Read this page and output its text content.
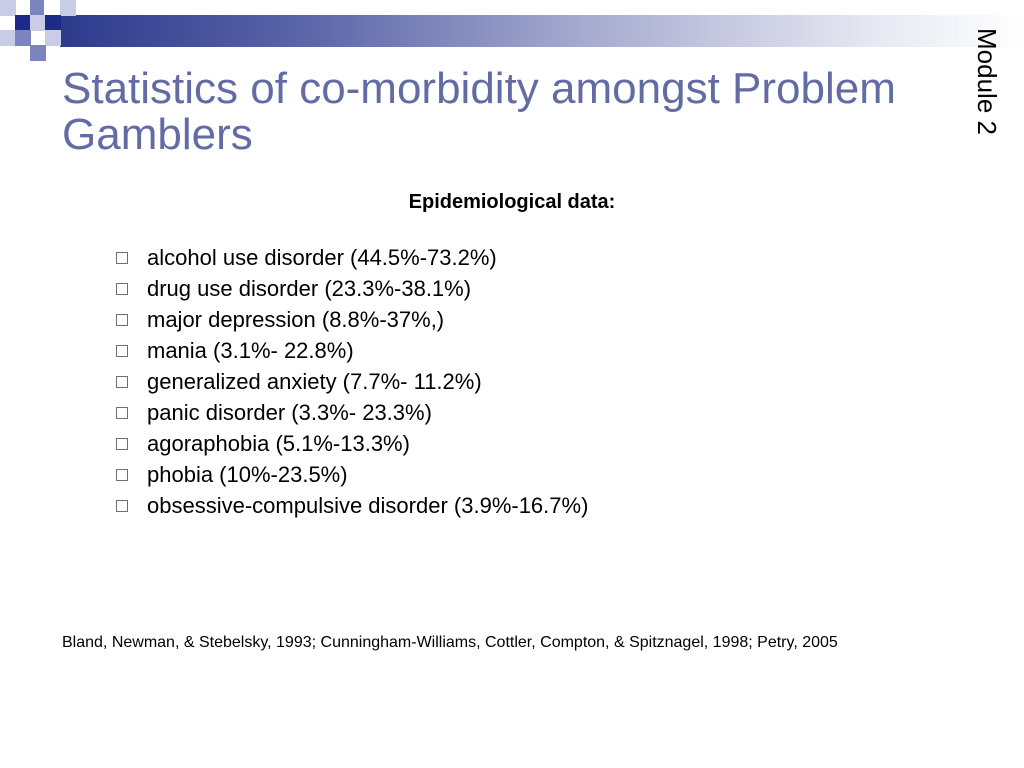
Statistics of co-morbidity amongst Problem Gamblers	Module 2
Epidemiological data:
alcohol use disorder (44.5%-73.2%)
drug use disorder (23.3%-38.1%)
major depression (8.8%-37%,)
mania (3.1%- 22.8%)
generalized anxiety (7.7%- 11.2%)
panic disorder (3.3%- 23.3%)
agoraphobia (5.1%-13.3%)
phobia (10%-23.5%)
obsessive-compulsive disorder (3.9%-16.7%)

Bland, Newman, & Stebelsky, 1993; Cunningham-Williams, Cottler, Compton, & Spitznagel, 1998; Petry, 2005
